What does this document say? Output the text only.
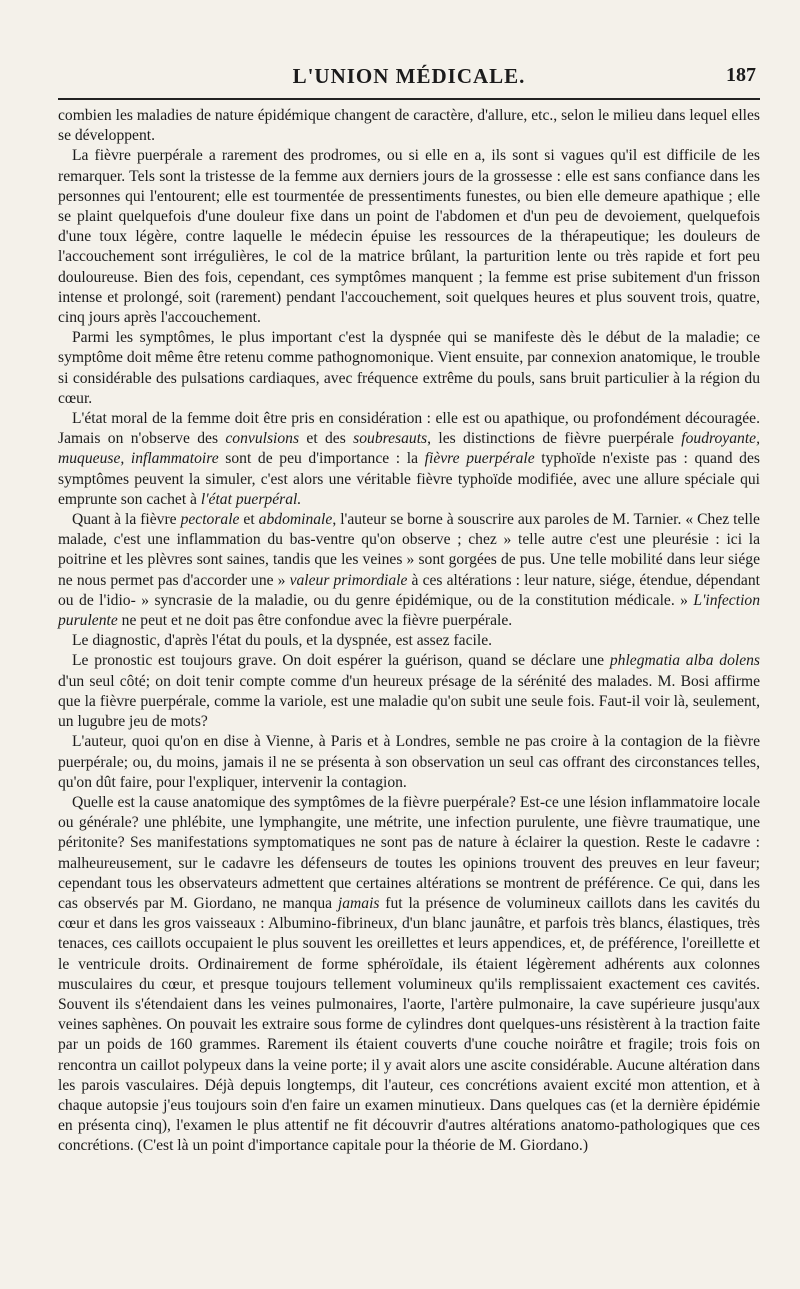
L'UNION MÉDICALE.	187

combien les maladies de nature épidémique changent de caractère, d'allure, etc., selon le milieu dans lequel elles se développent.

La fièvre puerpérale a rarement des prodromes, ou si elle en a, ils sont si vagues qu'il est difficile de les remarquer. Tels sont la tristesse de la femme aux derniers jours de la grossesse : elle est sans confiance dans les personnes qui l'entourent; elle est tourmentée de pressentiments funestes, ou bien elle demeure apathique ; elle se plaint quelquefois d'une douleur fixe dans un point de l'abdomen et d'un peu de devoiement, quelquefois d'une toux légère, contre laquelle le médecin épuise les ressources de la thérapeutique; les douleurs de l'accouchement sont irrégulières, le col de la matrice brûlant, la parturition lente ou très rapide et fort peu douloureuse. Bien des fois, cependant, ces symptômes manquent ; la femme est prise subitement d'un frisson intense et prolongé, soit (rarement) pendant l'accouchement, soit quelques heures et plus souvent trois, quatre, cinq jours après l'accouchement.

Parmi les symptômes, le plus important c'est la dyspnée qui se manifeste dès le début de la maladie; ce symptôme doit même être retenu comme pathognomonique. Vient ensuite, par connexion anatomique, le trouble si considérable des pulsations cardiaques, avec fréquence extrême du pouls, sans bruit particulier à la région du cœur.

L'état moral de la femme doit être pris en considération : elle est ou apathique, ou profondément découragée. Jamais on n'observe des convulsions et des soubresauts, les distinctions de fièvre puerpérale foudroyante, muqueuse, inflammatoire sont de peu d'importance : la fièvre puerpérale typhoïde n'existe pas : quand des symptômes peuvent la simuler, c'est alors une véritable fièvre typhoïde modifiée, avec une allure spéciale qui emprunte son cachet à l'état puerpéral.

Quant à la fièvre pectorale et abdominale, l'auteur se borne à souscrire aux paroles de M. Tarnier. « Chez telle malade, c'est une inflammation du bas-ventre qu'on observe ; chez » telle autre c'est une pleurésie : ici la poitrine et les plèvres sont saines, tandis que les veines » sont gorgées de pus. Une telle mobilité dans leur siége ne nous permet pas d'accorder une » valeur primordiale à ces altérations : leur nature, siége, étendue, dépendant ou de l'idio- » syncrasie de la maladie, ou du genre épidémique, ou de la constitution médicale. » L'infection purulente ne peut et ne doit pas être confondue avec la fièvre puerpérale.

Le diagnostic, d'après l'état du pouls, et la dyspnée, est assez facile.

Le pronostic est toujours grave. On doit espérer la guérison, quand se déclare une phlegmatia alba dolens d'un seul côté; on doit tenir compte comme d'un heureux présage de la sérénité des malades. M. Bosi affirme que la fièvre puerpérale, comme la variole, est une maladie qu'on subit une seule fois. Faut-il voir là, seulement, un lugubre jeu de mots?

L'auteur, quoi qu'on en dise à Vienne, à Paris et à Londres, semble ne pas croire à la contagion de la fièvre puerpérale; ou, du moins, jamais il ne se présenta à son observation un seul cas offrant des circonstances telles, qu'on dût faire, pour l'expliquer, intervenir la contagion.

Quelle est la cause anatomique des symptômes de la fièvre puerpérale? Est-ce une lésion inflammatoire locale ou générale? une phlébite, une lymphangite, une métrite, une infection purulente, une fièvre traumatique, une péritonite? Ses manifestations symptomatiques ne sont pas de nature à éclairer la question. Reste le cadavre : malheureusement, sur le cadavre les défenseurs de toutes les opinions trouvent des preuves en leur faveur; cependant tous les observateurs admettent que certaines altérations se montrent de préférence. Ce qui, dans les cas observés par M. Giordano, ne manqua jamais fut la présence de volumineux caillots dans les cavités du cœur et dans les gros vaisseaux : Albumino-fibrineux, d'un blanc jaunâtre, et parfois très blancs, élastiques, très tenaces, ces caillots occupaient le plus souvent les oreillettes et leurs appendices, et, de préférence, l'oreillette et le ventricule droits. Ordinairement de forme sphéroïdale, ils étaient légèrement adhérents aux colonnes musculaires du cœur, et presque toujours tellement volumineux qu'ils remplissaient exactement ces cavités. Souvent ils s'étendaient dans les veines pulmonaires, l'aorte, l'artère pulmonaire, la cave supérieure jusqu'aux veines saphènes. On pouvait les extraire sous forme de cylindres dont quelques-uns résistèrent à la traction faite par un poids de 160 grammes. Rarement ils étaient couverts d'une couche noirâtre et fragile; trois fois on rencontra un caillot polypeux dans la veine porte; il y avait alors une ascite considérable. Aucune altération dans les parois vasculaires. Déjà depuis longtemps, dit l'auteur, ces concrétions avaient excité mon attention, et à chaque autopsie j'eus toujours soin d'en faire un examen minutieux. Dans quelques cas (et la dernière épidémie en présenta cinq), l'examen le plus attentif ne fit découvrir d'autres altérations anatomo-pathologiques que ces concrétions. (C'est là un point d'importance capitale pour la théorie de M. Giordano.)
